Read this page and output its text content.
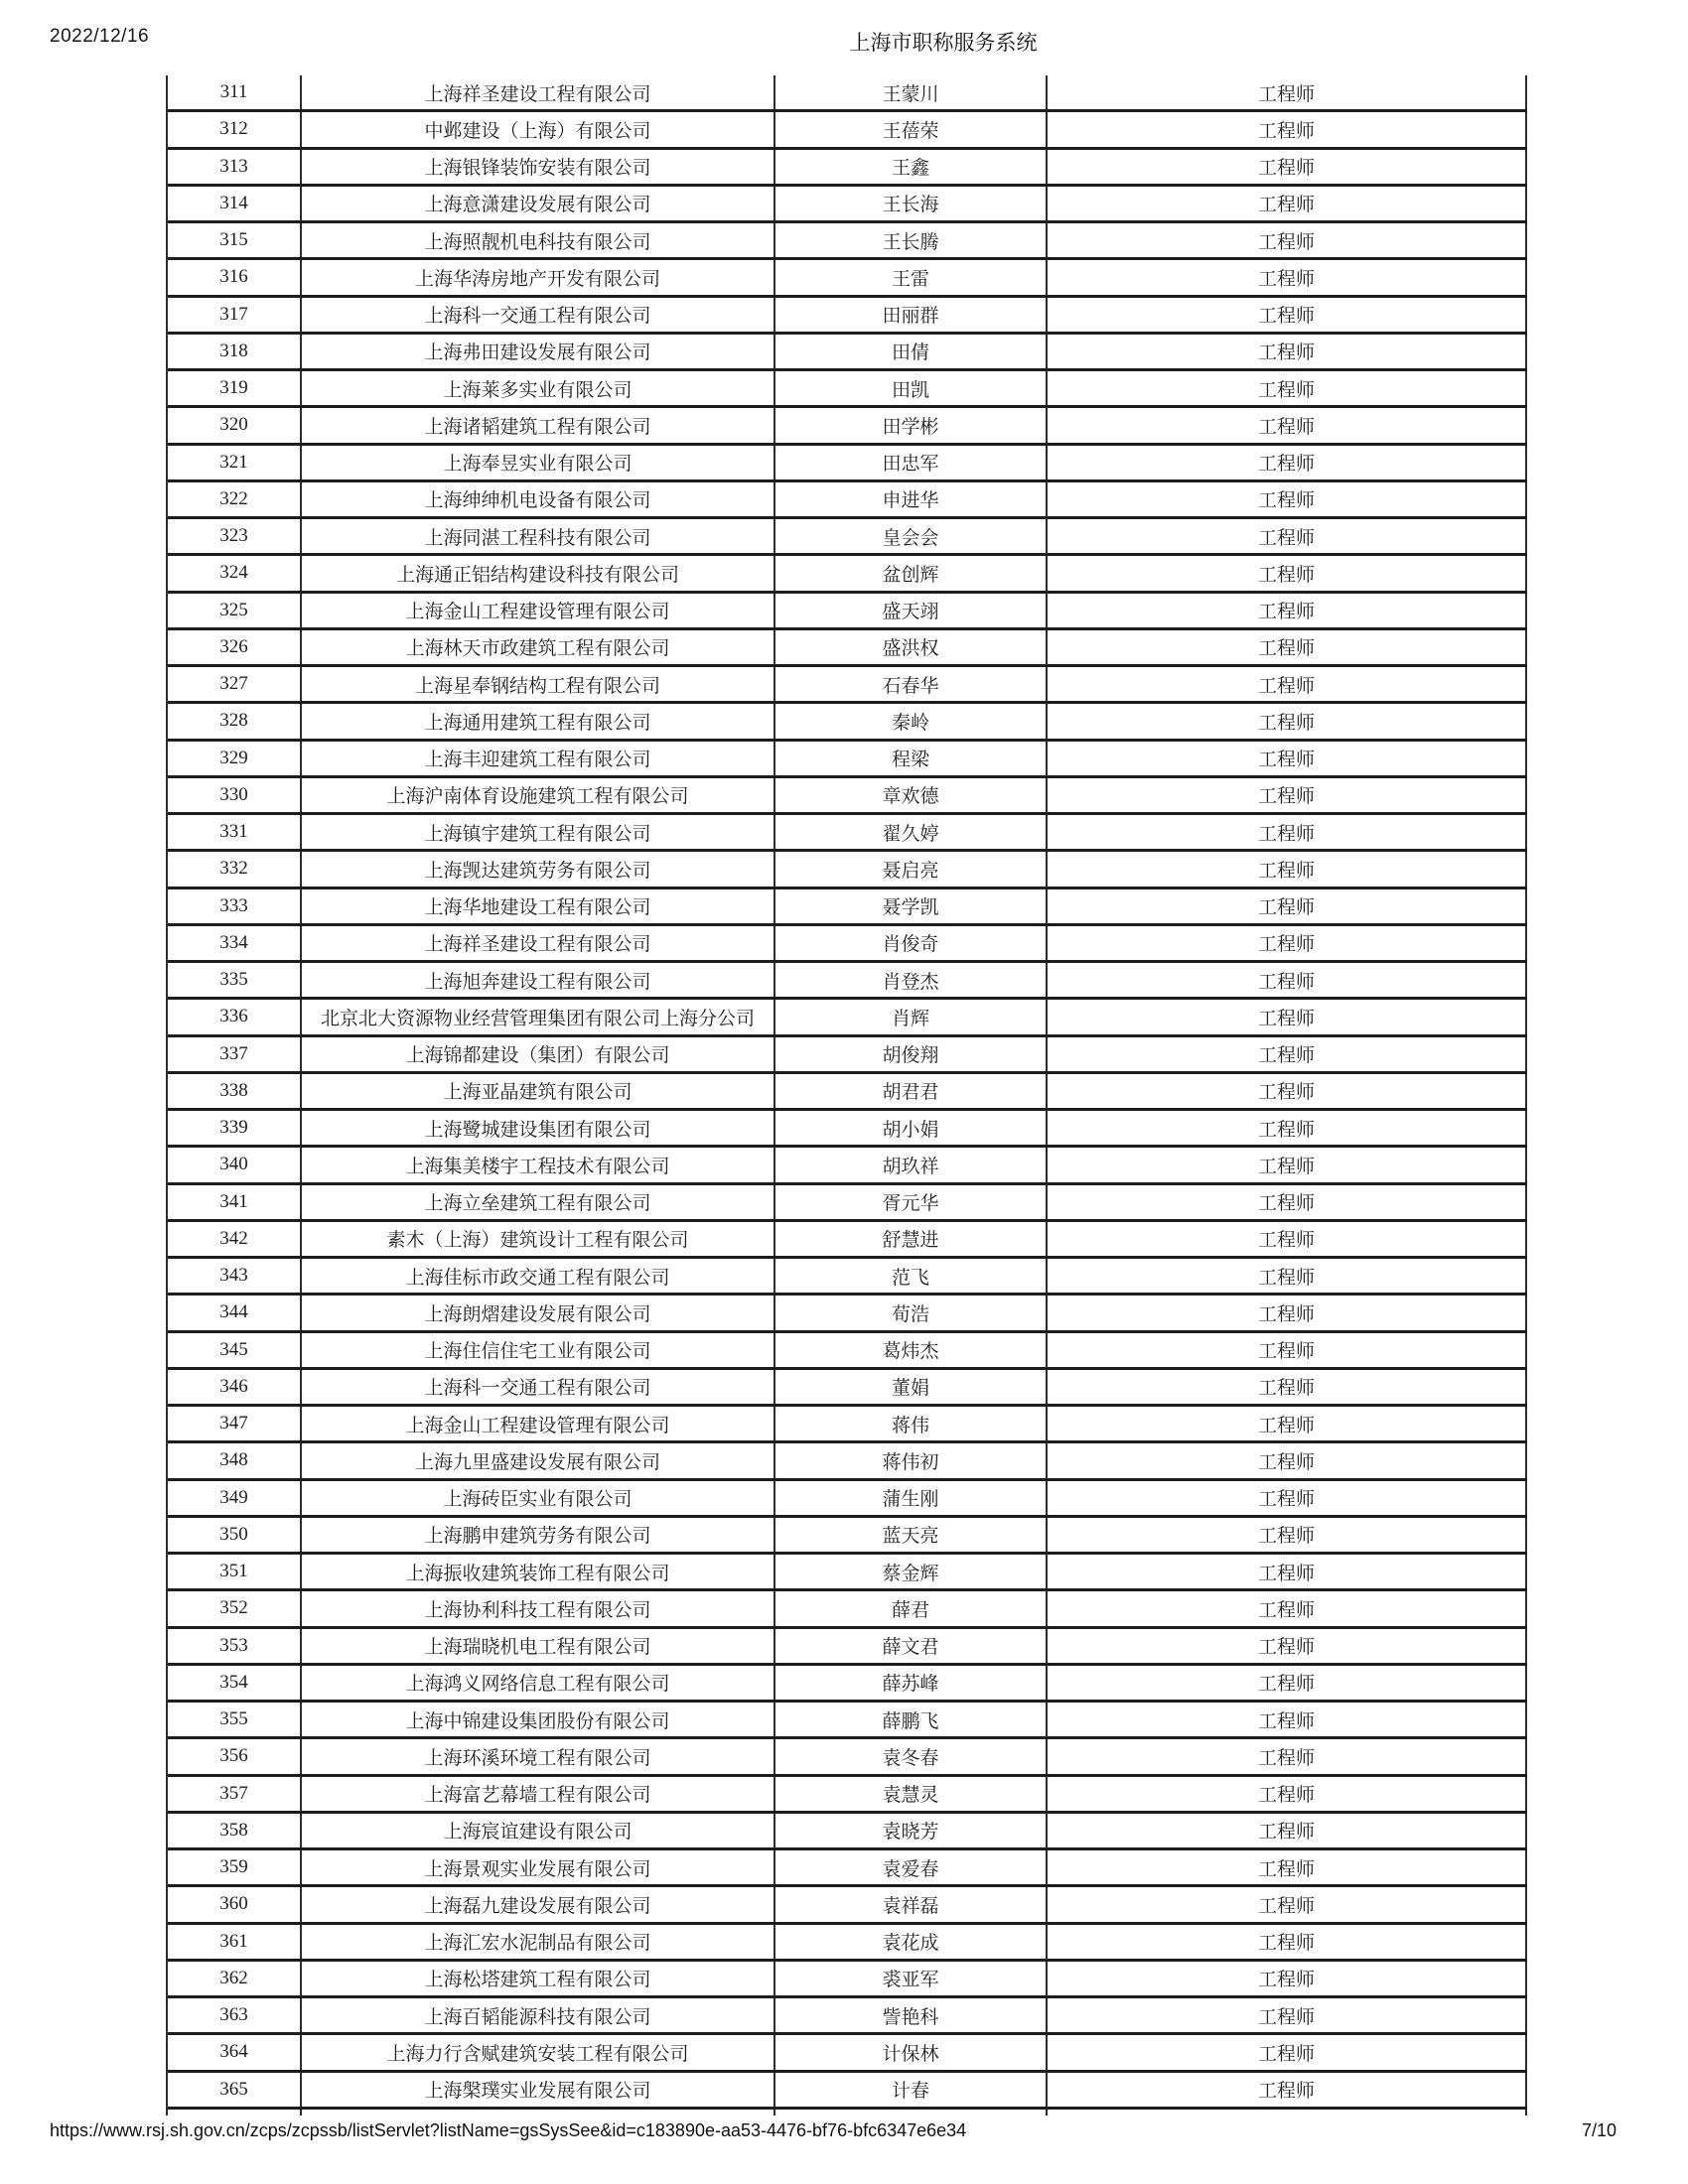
2022/12/16	上海市职称服务系统
311	上海祥圣建设工程有限公司	王蒙川	工程师
312	中邺建设（上海）有限公司	王蓓荣	工程师
313	上海银锋装饰安装有限公司	王鑫	工程师
314	上海意潇建设发展有限公司	王长海	工程师
315	上海照靓机电科技有限公司	王长腾	工程师
316	上海华涛房地产开发有限公司	王雷	工程师
317	上海科一交通工程有限公司	田丽群	工程师
318	上海弗田建设发展有限公司	田倩	工程师
319	上海莱多实业有限公司	田凯	工程师
320	上海诸韬建筑工程有限公司	田学彬	工程师
321	上海奉昱实业有限公司	田忠军	工程师
322	上海绅绅机电设备有限公司	申进华	工程师
323	上海同湛工程科技有限公司	皇会会	工程师
324	上海通正铝结构建设科技有限公司	盆创辉	工程师
325	上海金山工程建设管理有限公司	盛天翊	工程师
326	上海林天市政建筑工程有限公司	盛洪权	工程师
327	上海星奉钢结构工程有限公司	石春华	工程师
328	上海通用建筑工程有限公司	秦岭	工程师
329	上海丰迎建筑工程有限公司	程梁	工程师
330	上海沪南体育设施建筑工程有限公司	章欢德	工程师
331	上海镇宇建筑工程有限公司	翟久婷	工程师
332	上海觊达建筑劳务有限公司	聂启亮	工程师
333	上海华地建设工程有限公司	聂学凯	工程师
334	上海祥圣建设工程有限公司	肖俊奇	工程师
335	上海旭奔建设工程有限公司	肖登杰	工程师
336	北京北大资源物业经营管理集团有限公司上海分公司	肖辉	工程师
337	上海锦都建设（集团）有限公司	胡俊翔	工程师
338	上海亚晶建筑有限公司	胡君君	工程师
339	上海鹭城建设集团有限公司	胡小娟	工程师
340	上海集美楼宇工程技术有限公司	胡玖祥	工程师
341	上海立垒建筑工程有限公司	胥元华	工程师
342	素木（上海）建筑设计工程有限公司	舒慧进	工程师
343	上海佳标市政交通工程有限公司	范飞	工程师
344	上海朗熠建设发展有限公司	荀浩	工程师
345	上海住信住宅工业有限公司	葛炜杰	工程师
346	上海科一交通工程有限公司	董娟	工程师
347	上海金山工程建设管理有限公司	蒋伟	工程师
348	上海九里盛建设发展有限公司	蒋伟初	工程师
349	上海砖臣实业有限公司	蒲生刚	工程师
350	上海鹏申建筑劳务有限公司	蓝天亮	工程师
351	上海振收建筑装饰工程有限公司	蔡金辉	工程师
352	上海协利科技工程有限公司	薛君	工程师
353	上海瑞晓机电工程有限公司	薛文君	工程师
354	上海鸿义网络信息工程有限公司	薛苏峰	工程师
355	上海中锦建设集团股份有限公司	薛鹏飞	工程师
356	上海环溪环境工程有限公司	袁冬春	工程师
357	上海富艺幕墙工程有限公司	袁慧灵	工程师
358	上海宸谊建设有限公司	袁晓芳	工程师
359	上海景观实业发展有限公司	袁爱春	工程师
360	上海磊九建设发展有限公司	袁祥磊	工程师
361	上海汇宏水泥制品有限公司	袁花成	工程师
362	上海松塔建筑工程有限公司	裘亚军	工程师
363	上海百韬能源科技有限公司	訾艳科	工程师
364	上海力行含赋建筑安装工程有限公司	计保林	工程师
365	上海槃璞实业发展有限公司	计春	工程师
https://www.rsj.sh.gov.cn/zcps/zcpssb/listServlet?listName=gsSysSee&id=c183890e-aa53-4476-bf76-bfc6347e6e34	7/10
